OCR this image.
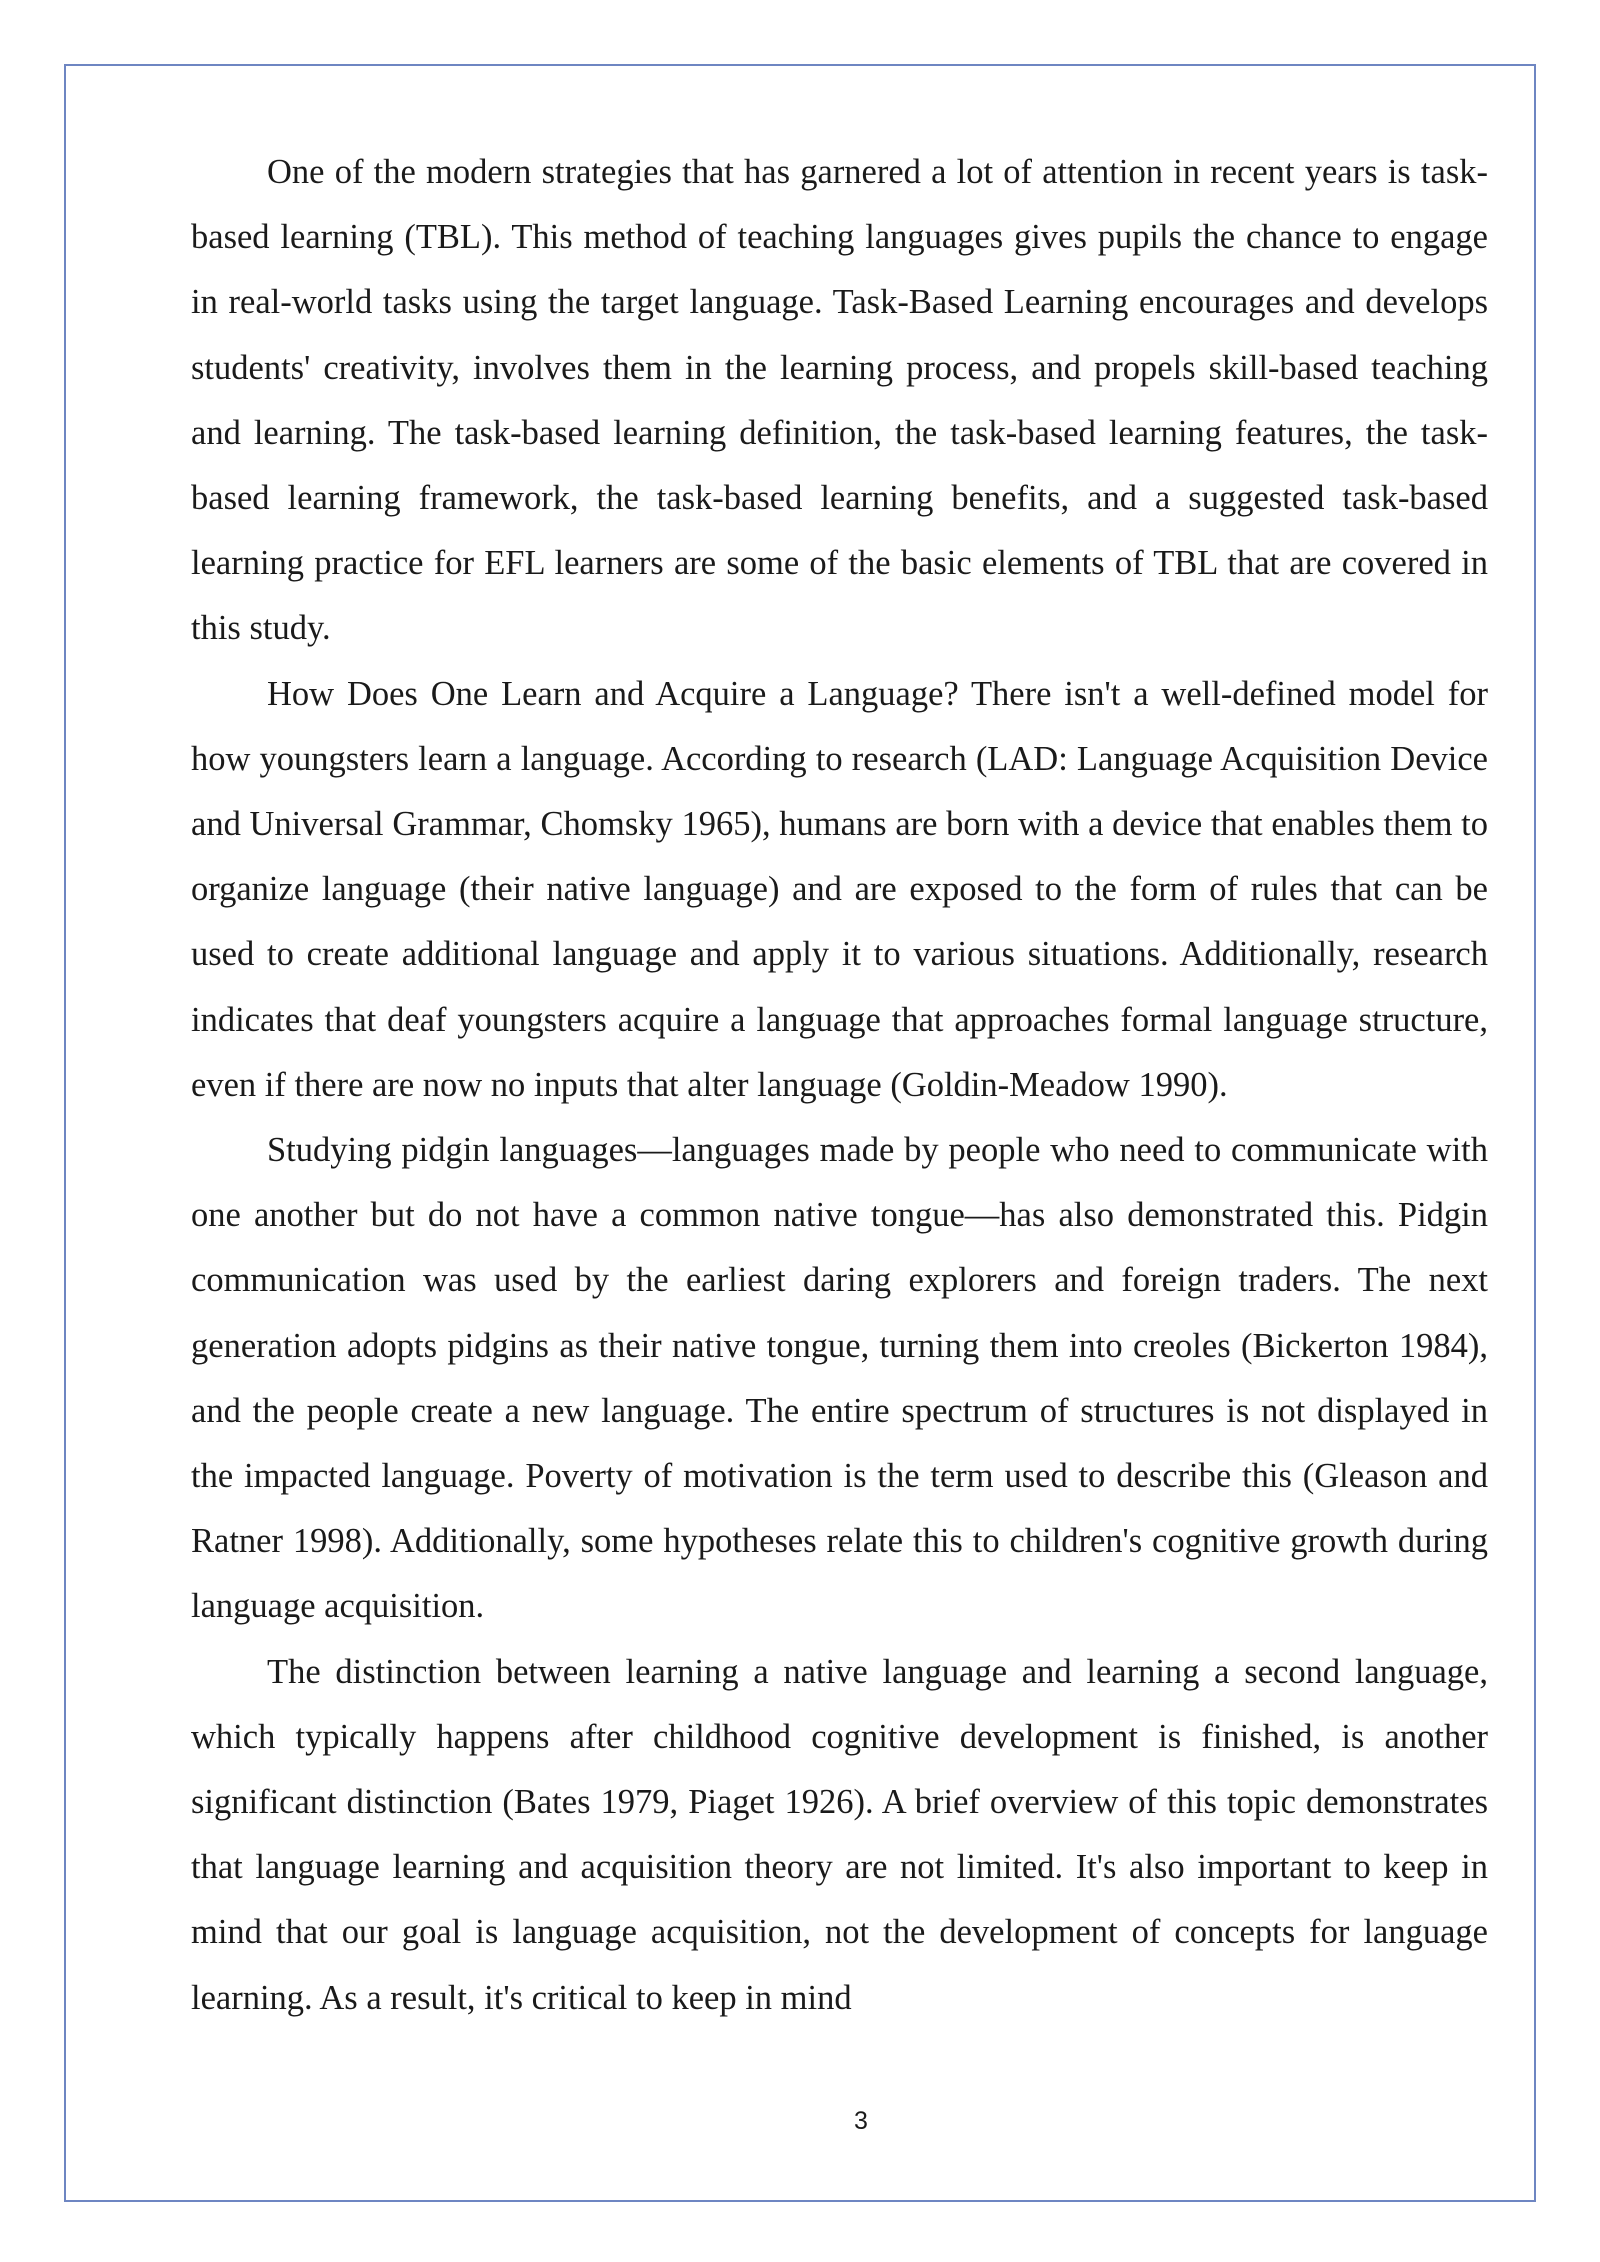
One of the modern strategies that has garnered a lot of attention in recent years is task-based learning (TBL). This method of teaching languages gives pupils the chance to engage in real-world tasks using the target language. Task-Based Learning encourages and develops students' creativity, involves them in the learning process, and propels skill-based teaching and learning. The task-based learning definition, the task-based learning features, the task-based learning framework, the task-based learning benefits, and a suggested task-based learning practice for EFL learners are some of the basic elements of TBL that are covered in this study.

How Does One Learn and Acquire a Language? There isn't a well-defined model for how youngsters learn a language. According to research (LAD: Language Acquisition Device and Universal Grammar, Chomsky 1965), humans are born with a device that enables them to organize language (their native language) and are exposed to the form of rules that can be used to create additional language and apply it to various situations. Additionally, research indicates that deaf youngsters acquire a language that approaches formal language structure, even if there are now no inputs that alter language (Goldin-Meadow 1990).

Studying pidgin languages—languages made by people who need to communicate with one another but do not have a common native tongue—has also demonstrated this. Pidgin communication was used by the earliest daring explorers and foreign traders. The next generation adopts pidgins as their native tongue, turning them into creoles (Bickerton 1984), and the people create a new language. The entire spectrum of structures is not displayed in the impacted language. Poverty of motivation is the term used to describe this (Gleason and Ratner 1998). Additionally, some hypotheses relate this to children's cognitive growth during language acquisition.

The distinction between learning a native language and learning a second language, which typically happens after childhood cognitive development is finished, is another significant distinction (Bates 1979, Piaget 1926). A brief overview of this topic demonstrates that language learning and acquisition theory are not limited. It's also important to keep in mind that our goal is language acquisition, not the development of concepts for language learning. As a result, it's critical to keep in mind

3
